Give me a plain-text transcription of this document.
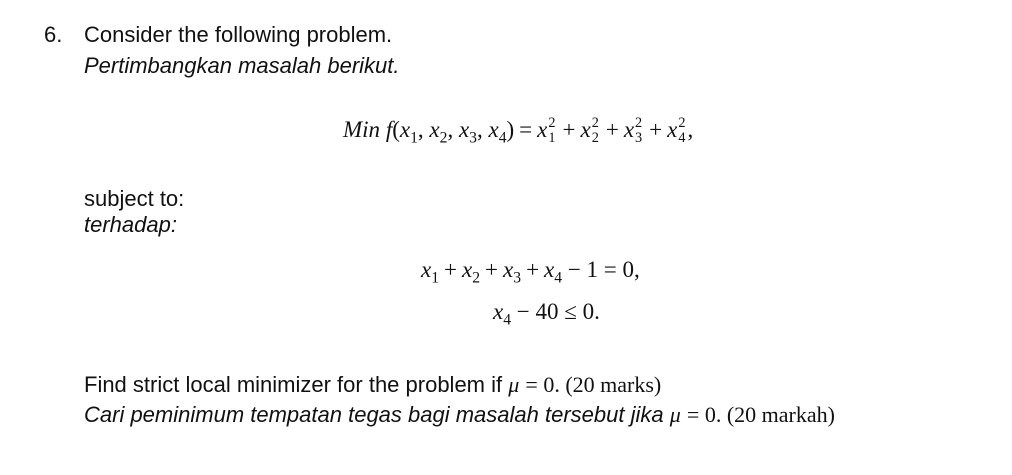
6. Consider the following problem.
Pertimbangkan masalah berikut.
Min $f(x_1$, $x_2$, $x_3$, $x_4) = x$ 2
1 + x 2
2 + x 2
3 + x 2
4 ,
subject to:
terhadap:
$x_1 + x_2 + x_3 + x_4 - 1 = 0$,
$x_4 - 40 \le 0$.
Find strict local minimizer for the problem if μ = 0. (20 marks)
Cari peminimum tempatan tegas bagi masalah tersebut jika μ = 0. (20 markah)
